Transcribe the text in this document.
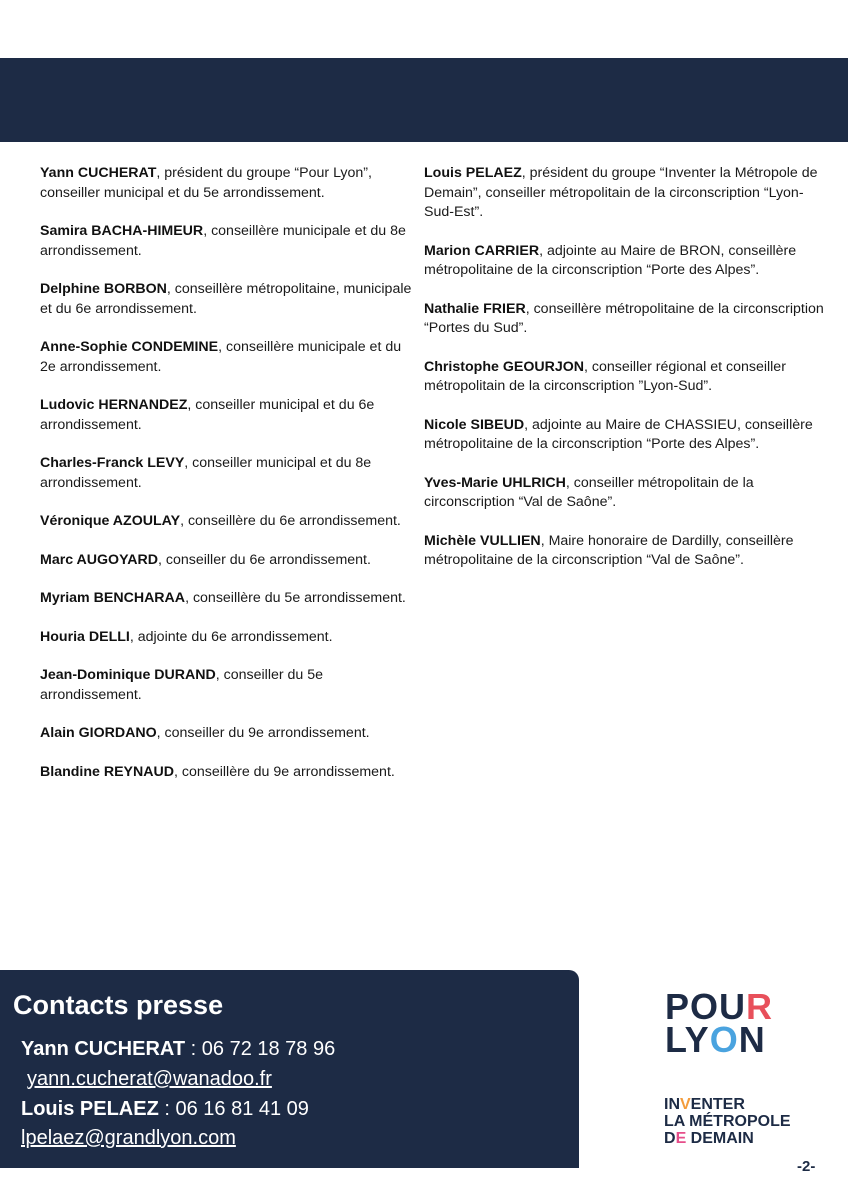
Yann CUCHERAT, président du groupe “Pour Lyon”, conseiller municipal et du 5e arrondissement.

Samira BACHA-HIMEUR, conseillère municipale et du 8e arrondissement.

Delphine BORBON, conseillère métropolitaine, municipale et du 6e arrondissement.

Anne-Sophie CONDEMINE, conseillère municipale et du 2e arrondissement.

Ludovic HERNANDEZ, conseiller municipal et du 6e arrondissement.

Charles-Franck LEVY, conseiller municipal et du 8e arrondissement.

Véronique AZOULAY, conseillère du 6e arrondissement.

Marc AUGOYARD, conseiller du 6e arrondissement.

Myriam BENCHARAA, conseillère du 5e arrondissement.

Houria DELLI, adjointe du 6e arrondissement.

Jean-Dominique DURAND, conseiller du 5e arrondissement.

Alain GIORDANO, conseiller du 9e arrondissement.

Blandine REYNAUD, conseillère du 9e arrondissement.

Louis PELAEZ, président du groupe “Inventer la Métropole de Demain”, conseiller métropolitain de la circonscription “Lyon-Sud-Est”.

Marion CARRIER, adjointe au Maire de BRON, conseillère métropolitaine de la circonscription “Porte des Alpes”.

Nathalie FRIER, conseillère métropolitaine de la circonscription “Portes du Sud”.

Christophe GEOURJON, conseiller régional et conseiller métropolitain de la circonscription ”Lyon-Sud”.

Nicole SIBEUD, adjointe au Maire de CHASSIEU, conseillère métropolitaine de la circonscription “Porte des Alpes”.

Yves-Marie UHLRICH, conseiller métropolitain de la circonscription “Val de Saône”.

Michèle VULLIEN, Maire honoraire de Dardilly, conseillère métropolitaine de la circonscription “Val de Saône”.

Contacts presse
Yann CUCHERAT : 06 72 18 78 96
yann.cucherat@wanadoo.fr
Louis PELAEZ : 06 16 81 41 09
lpelaez@grandlyon.com
POUR
LYON
INVENTER
LA MÉTROPOLE
DE DEMAIN
-2-
